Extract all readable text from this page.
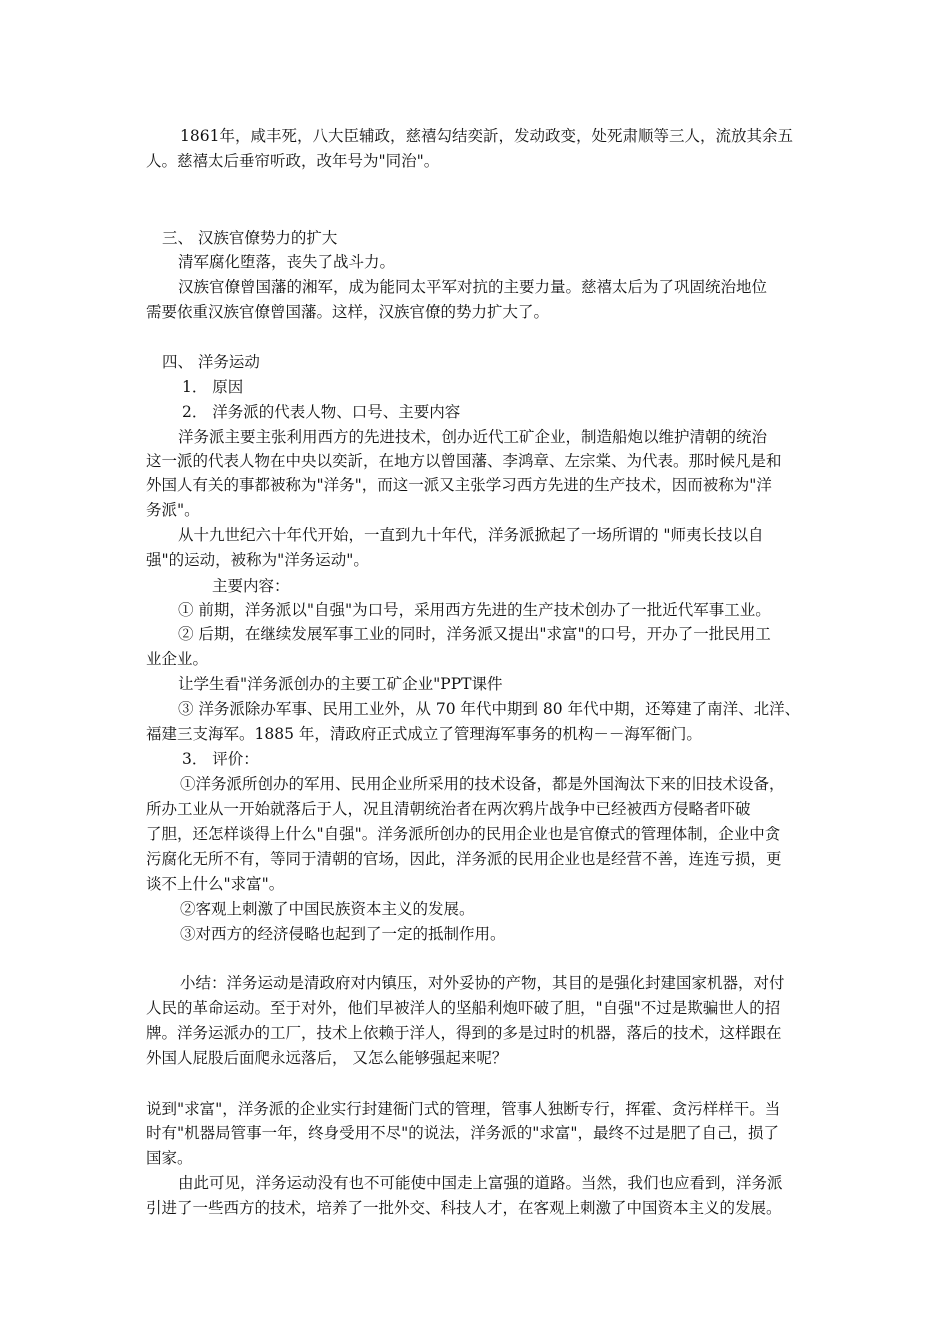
1861年，咸丰死，八大臣辅政，慈禧勾结奕訢，发动政变，处死肃顺等三人，流放其余五

人。慈禧太后垂帘听政，改年号为"同治"。

三、 汉族官僚势力的扩大

清军腐化堕落，丧失了战斗力。

汉族官僚曾国藩的湘军，成为能同太平军对抗的主要力量。慈禧太后为了巩固统治地位

需要依重汉族官僚曾国藩。这样，汉族官僚的势力扩大了。

四、 洋务运动

1． 原因

2． 洋务派的代表人物、口号、主要内容

洋务派主要主张利用西方的先进技术，创办近代工矿企业，制造船炮以维护清朝的统治

这一派的代表人物在中央以奕訢，在地方以曾国藩、李鸿章、左宗棠、为代表。那时候凡是和

外国人有关的事都被称为"洋务"，而这一派又主张学习西方先进的生产技术，因而被称为"洋

务派"。

从十九世纪六十年代开始，一直到九十年代，洋务派掀起了一场所谓的 "师夷长技以自

强"的运动，被称为"洋务运动"。

主要内容：

① 前期，洋务派以"自强"为口号，采用西方先进的生产技术创办了一批近代军事工业。

② 后期，在继续发展军事工业的同时，洋务派又提出"求富"的口号，开办了一批民用工

业企业。

让学生看"洋务派创办的主要工矿企业"PPT课件

③ 洋务派除办军事、民用工业外，从 70 年代中期到 80 年代中期，还筹建了南洋、北洋、

福建三支海军。1885 年，清政府正式成立了管理海军事务的机构－－海军衙门。

3． 评价：

①洋务派所创办的军用、民用企业所采用的技术设备，都是外国淘汰下来的旧技术设备，

所办工业从一开始就落后于人，况且清朝统治者在两次鸦片战争中已经被西方侵略者吓破

了胆，还怎样谈得上什么"自强"。洋务派所创办的民用企业也是官僚式的管理体制，企业中贪

污腐化无所不有，等同于清朝的官场，因此，洋务派的民用企业也是经营不善，连连亏损，更

谈不上什么"求富"。

②客观上刺激了中国民族资本主义的发展。

③对西方的经济侵略也起到了一定的抵制作用。

小结：洋务运动是清政府对内镇压，对外妥协的产物，其目的是强化封建国家机器，对付

人民的革命运动。至于对外，他们早被洋人的坚船利炮吓破了胆，"自强"不过是欺骗世人的招

牌。洋务运派办的工厂，技术上依赖于洋人，得到的多是过时的机器，落后的技术，这样跟在

外国人屁股后面爬永远落后， 又怎么能够强起来呢？

说到"求富"，洋务派的企业实行封建衙门式的管理，管事人独断专行，挥霍、贪污样样干。当

时有"机器局管事一年，终身受用不尽"的说法，洋务派的"求富"，最终不过是肥了自己，损了

国家。

由此可见，洋务运动没有也不可能使中国走上富强的道路。当然，我们也应看到，洋务派

引进了一些西方的技术，培养了一批外交、科技人才，在客观上刺激了中国资本主义的发展。
